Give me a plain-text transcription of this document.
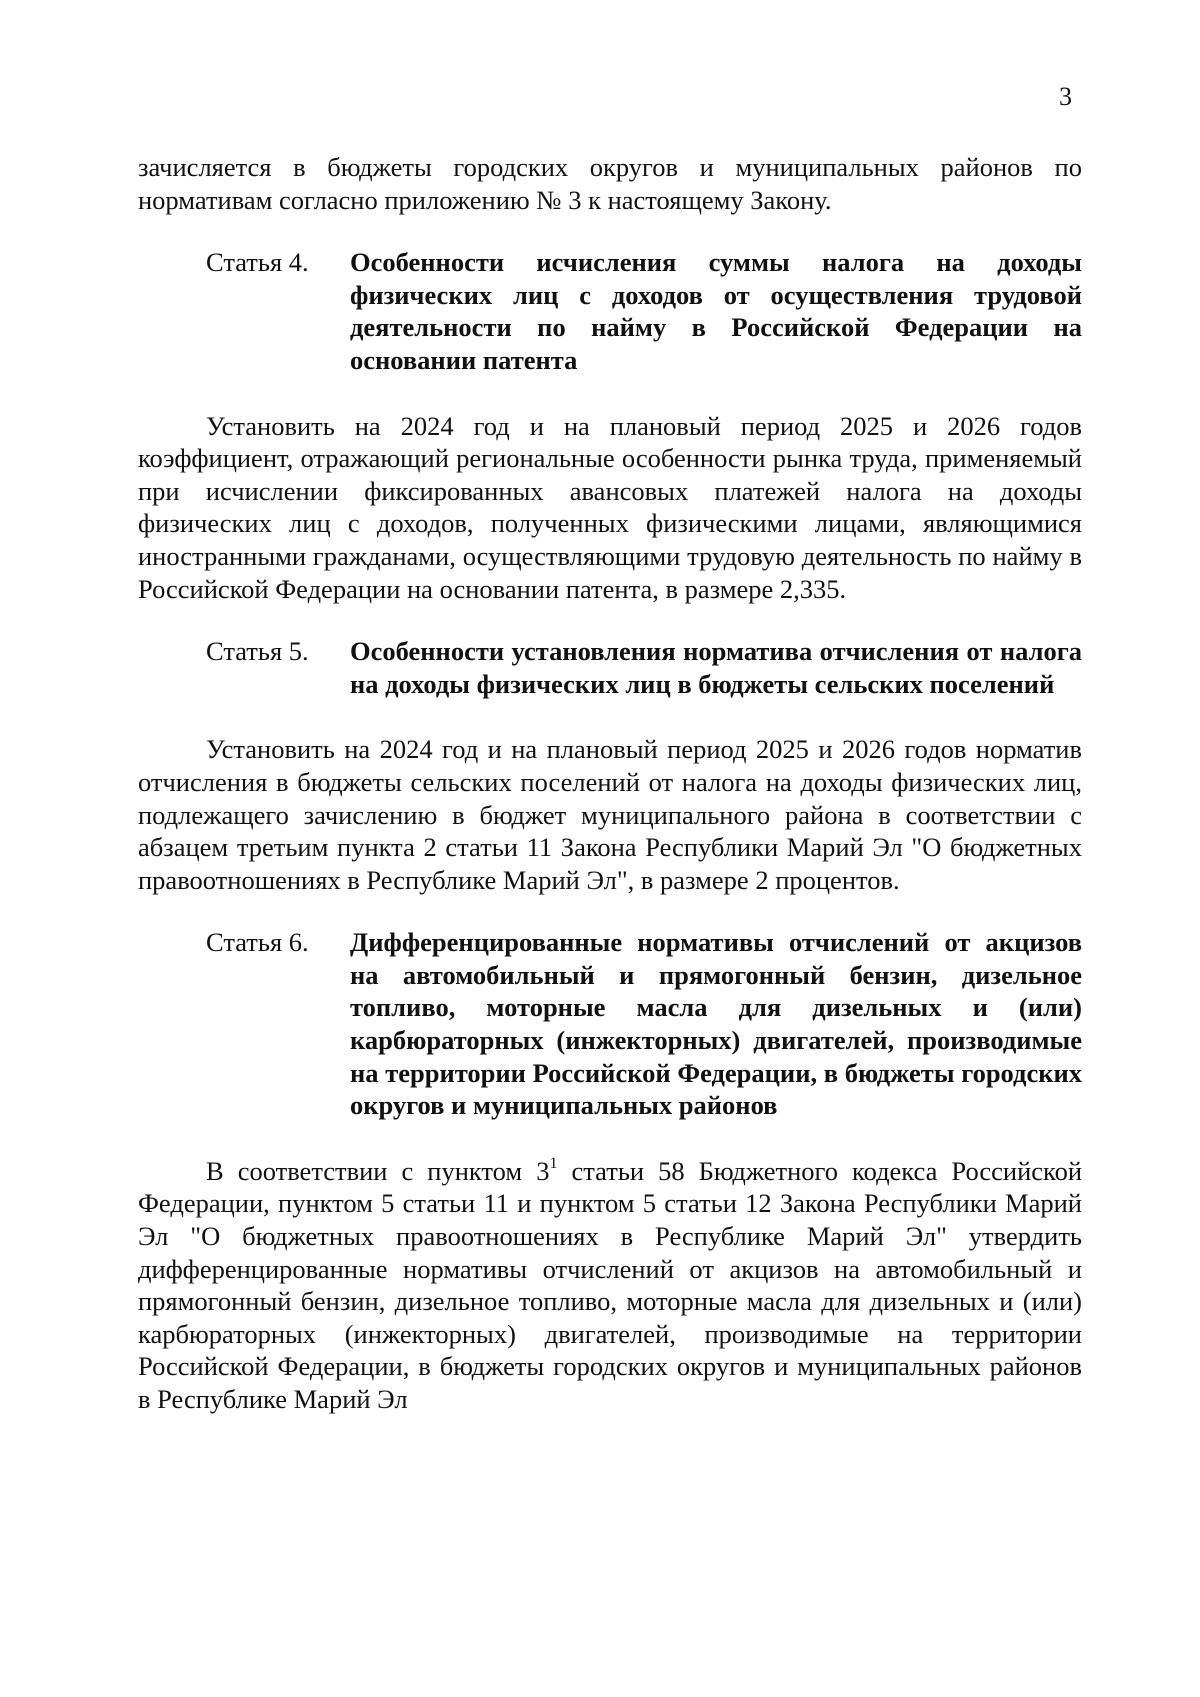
3

зачисляется в бюджеты городских округов и муниципальных районов по нормативам согласно приложению № 3 к настоящему Закону.

Статья 4.	Особенности исчисления суммы налога на доходы физических лиц с доходов от осуществления трудовой деятельности по найму в Российской Федерации на основании патента

Установить на 2024 год и на плановый период 2025 и 2026 годов коэффициент, отражающий региональные особенности рынка труда, применяемый при исчислении фиксированных авансовых платежей налога на доходы физических лиц с доходов, полученных физическими лицами, являющимися иностранными гражданами, осуществляющими трудовую деятельность по найму в Российской Федерации на основании патента, в размере 2,335.

Статья 5.	Особенности установления норматива отчисления от налога на доходы физических лиц в бюджеты сельских поселений

Установить на 2024 год и на плановый период 2025 и 2026 годов норматив отчисления в бюджеты сельских поселений от налога на доходы физических лиц, подлежащего зачислению в бюджет муниципального района в соответствии с абзацем третьим пункта 2 статьи 11 Закона Республики Марий Эл "О бюджетных правоотношениях в Республике Марий Эл", в размере 2 процентов.

Статья 6.	Дифференцированные нормативы отчислений от акцизов на автомобильный и прямогонный бензин, дизельное топливо, моторные масла для дизельных и (или) карбюраторных (инжекторных) двигателей, производимые на территории Российской Федерации, в бюджеты городских округов и муниципальных районов

В соответствии с пунктом $3^1$ статьи 58 Бюджетного кодекса Российской Федерации, пунктом 5 статьи 11 и пунктом 5 статьи 12 Закона Республики Марий Эл "О бюджетных правоотношениях в Республике Марий Эл" утвердить дифференцированные нормативы отчислений от акцизов на автомобильный и прямогонный бензин, дизельное топливо, моторные масла для дизельных и (или) карбюраторных (инжекторных) двигателей, производимые на территории Российской Федерации, в бюджеты городских округов и муниципальных районов в Республике Марий Эл
